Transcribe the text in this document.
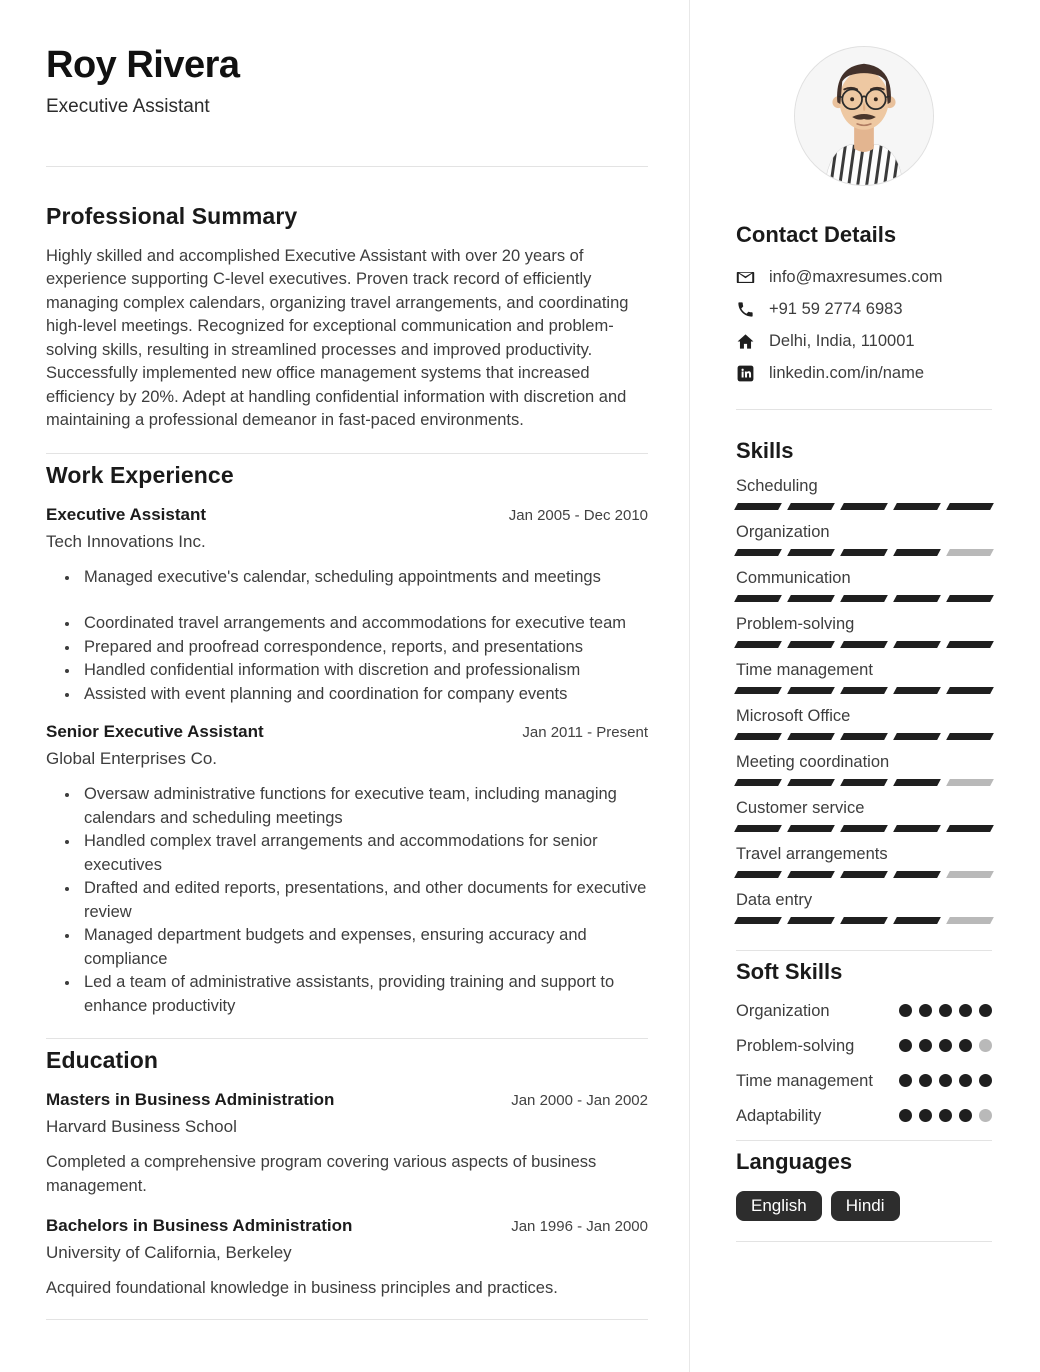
Roy Rivera
Executive Assistant
Professional Summary

Highly skilled and accomplished Executive Assistant with over 20 years of experience supporting C-level executives. Proven track record of efficiently managing complex calendars, organizing travel arrangements, and coordinating high-level meetings. Recognized for exceptional communication and problem-solving skills, resulting in streamlined processes and improved productivity. Successfully implemented new office management systems that increased efficiency by 20%. Adept at handling confidential information with discretion and maintaining a professional demeanor in fast-paced environments.

Work Experience
Executive Assistant	Jan 2005 - Dec 2010
Tech Innovations Inc.
• Managed executive's calendar, scheduling appointments and meetings
• Coordinated travel arrangements and accommodations for executive team
• Prepared and proofread correspondence, reports, and presentations
• Handled confidential information with discretion and professionalism
• Assisted with event planning and coordination for company events
Senior Executive Assistant	Jan 2011 - Present
Global Enterprises Co.
• Oversaw administrative functions for executive team, including managing calendars and scheduling meetings
• Handled complex travel arrangements and accommodations for senior executives
• Drafted and edited reports, presentations, and other documents for executive review
• Managed department budgets and expenses, ensuring accuracy and compliance
• Led a team of administrative assistants, providing training and support to enhance productivity
Education
Masters in Business Administration	Jan 2000 - Jan 2002
Harvard Business School

Completed a comprehensive program covering various aspects of business management.

Bachelors in Business Administration	Jan 1996 - Jan 2000
University of California, Berkeley

Acquired foundational knowledge in business principles and practices.

Contact Details
info@maxresumes.com
+91 59 2774 6983
Delhi, India, 110001
linkedin.com/in/name
Skills
Scheduling
Organization
Communication
Problem-solving
Time management
Microsoft Office
Meeting coordination
Customer service
Travel arrangements
Data entry
Soft Skills
Organization
Problem-solving
Time management
Adaptability
Languages
English	Hindi
